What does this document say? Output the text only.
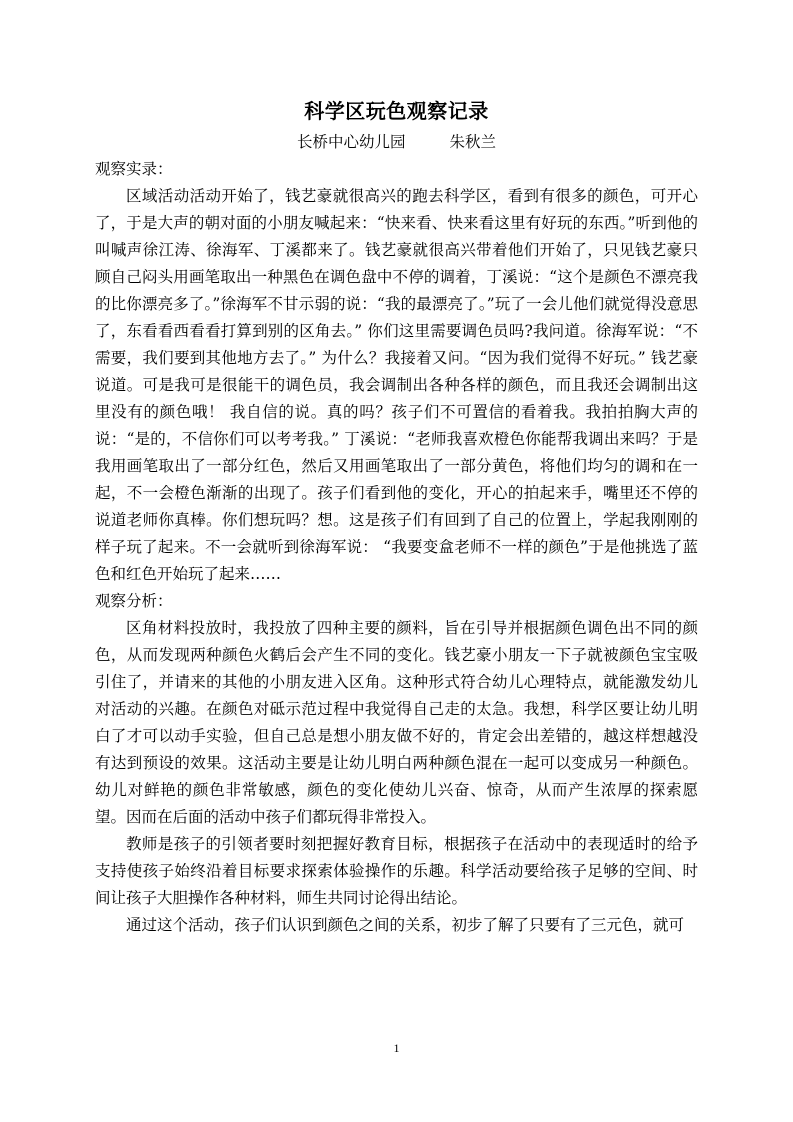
科学区玩色观察记录
长桥中心幼儿园	朱秋兰

观察实录：

区域活动活动开始了，钱艺豪就很高兴的跑去科学区，看到有很多的颜色，可开心了，于是大声的朝对面的小朋友喊起来：“快来看、快来看这里有好玩的东西。”听到他的叫喊声徐江涛、徐海军、丁溪都来了。钱艺豪就很高兴带着他们开始了，只见钱艺豪只顾自己闷头用画笔取出一种黑色在调色盘中不停的调着，丁溪说：“这个是颜色不漂亮我的比你漂亮多了。”徐海军不甘示弱的说：“我的最漂亮了。”玩了一会儿他们就觉得没意思了，东看看西看看打算到别的区角去。” 你们这里需要调色员吗?我问道。徐海军说：“不需要，我们要到其他地方去了。” 为什么？我接着又问。“因为我们觉得不好玩。” 钱艺豪说道。可是我可是很能干的调色员，我会调制出各种各样的颜色，而且我还会调制出这里没有的颜色哦！ 我自信的说。真的吗？孩子们不可置信的看着我。我拍拍胸大声的说：“是的，不信你们可以考考我。” 丁溪说：“老师我喜欢橙色你能帮我调出来吗？于是我用画笔取出了一部分红色，然后又用画笔取出了一部分黄色，将他们均匀的调和在一起，不一会橙色渐渐的出现了。孩子们看到他的变化，开心的拍起来手，嘴里还不停的说道老师你真棒。你们想玩吗？想。这是孩子们有回到了自己的位置上，学起我刚刚的样子玩了起来。不一会就听到徐海军说： “我要变盒老师不一样的颜色”于是他挑选了蓝色和红色开始玩了起来……

观察分析：

区角材料投放时，我投放了四种主要的颜料，旨在引导并根据颜色调色出不同的颜色，从而发现两种颜色火鹤后会产生不同的变化。钱艺豪小朋友一下子就被颜色宝宝吸引住了，并请来的其他的小朋友进入区角。这种形式符合幼儿心理特点，就能激发幼儿对活动的兴趣。在颜色对砥示范过程中我觉得自己走的太急。我想，科学区要让幼儿明白了才可以动手实验，但自己总是想小朋友做不好的，肯定会出差错的，越这样想越没有达到预设的效果。这活动主要是让幼儿明白两种颜色混在一起可以变成另一种颜色。幼儿对鲜艳的颜色非常敏感，颜色的变化使幼儿兴奋、惊奇，从而产生浓厚的探索愿望。因而在后面的活动中孩子们都玩得非常投入。

教师是孩子的引领者要时刻把握好教育目标，根据孩子在活动中的表现适时的给予支持使孩子始终沿着目标要求探索体验操作的乐趣。科学活动要给孩子足够的空间、时间让孩子大胆操作各种材料，师生共同讨论得出结论。

通过这个活动，孩子们认识到颜色之间的关系，初步了解了只要有了三元色，就可

1
